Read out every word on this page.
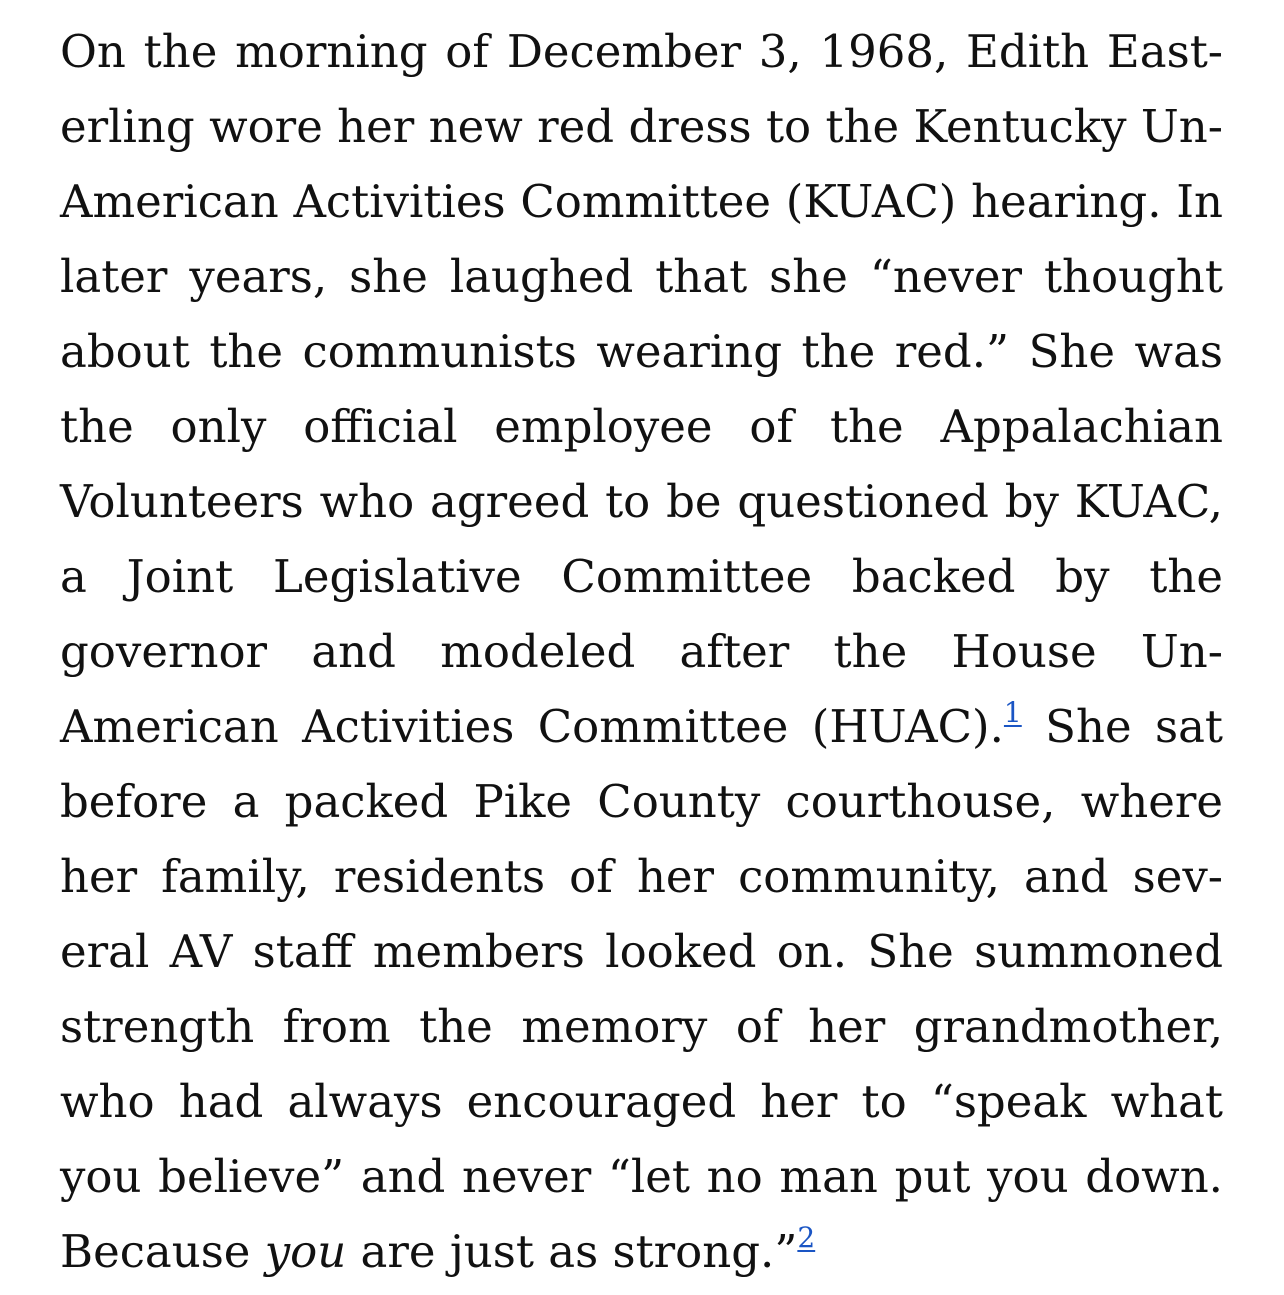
On the morning of December 3, 1968, Edith Easterling wore her new red dress to the Kentucky Un-American Activities Committee (KUAC) hearing. In later years, she laughed that she “never thought about the communists wearing the red.” She was the only official employee of the Appalachian Volunteers who agreed to be questioned by KUAC, a Joint Legislative Committee backed by the governor and modeled after the House Un-American Activities Committee (HUAC).$^1$ She sat before a packed Pike County courthouse, where her family, residents of her community, and several AV staff members looked on. She summoned strength from the memory of her grandmother, who had always encouraged her to “speak what you believe” and never “let no man put you down. Because you are just as strong.”$^2$
